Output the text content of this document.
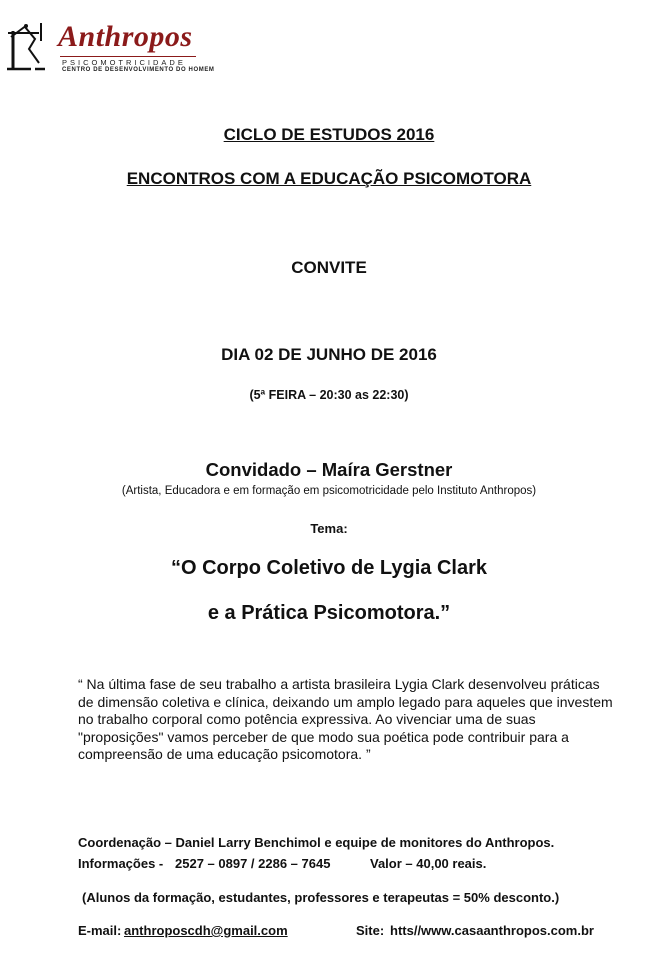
Anthropos
PSICOMOTRICIDADE
CENTRO DE DESENVOLVIMENTO DO HOMEM
CICLO DE ESTUDOS 2016
ENCONTROS COM A EDUCAÇÃO PSICOMOTORA
CONVITE
DIA 02 DE JUNHO DE 2016
(5ª FEIRA – 20:30 as 22:30)
Convidado – Maíra Gerstner
(Artista, Educadora e em formação em psicomotricidade pelo Instituto Anthropos)
Tema:
“O Corpo Coletivo de Lygia Clark
e a Prática Psicomotora.”
“ Na última fase de seu trabalho a artista brasileira Lygia Clark desenvolveu práticas
de dimensão coletiva e clínica, deixando um amplo legado para aqueles que investem
no trabalho corporal como potência expressiva. Ao vivenciar uma de suas
"proposições" vamos perceber de que modo sua poética pode contribuir para a
compreensão de uma educação psicomotora. ”
Coordenação – Daniel Larry Benchimol e equipe de monitores do Anthropos.
Informações - 2527 – 0897 / 2286 – 7645	Valor – 40,00 reais.
(Alunos da formação, estudantes, professores e terapeutas = 50% desconto.)
E-mail: anthroposcdh@gmail.com	Site: htts//www.casaanthropos.com.br
